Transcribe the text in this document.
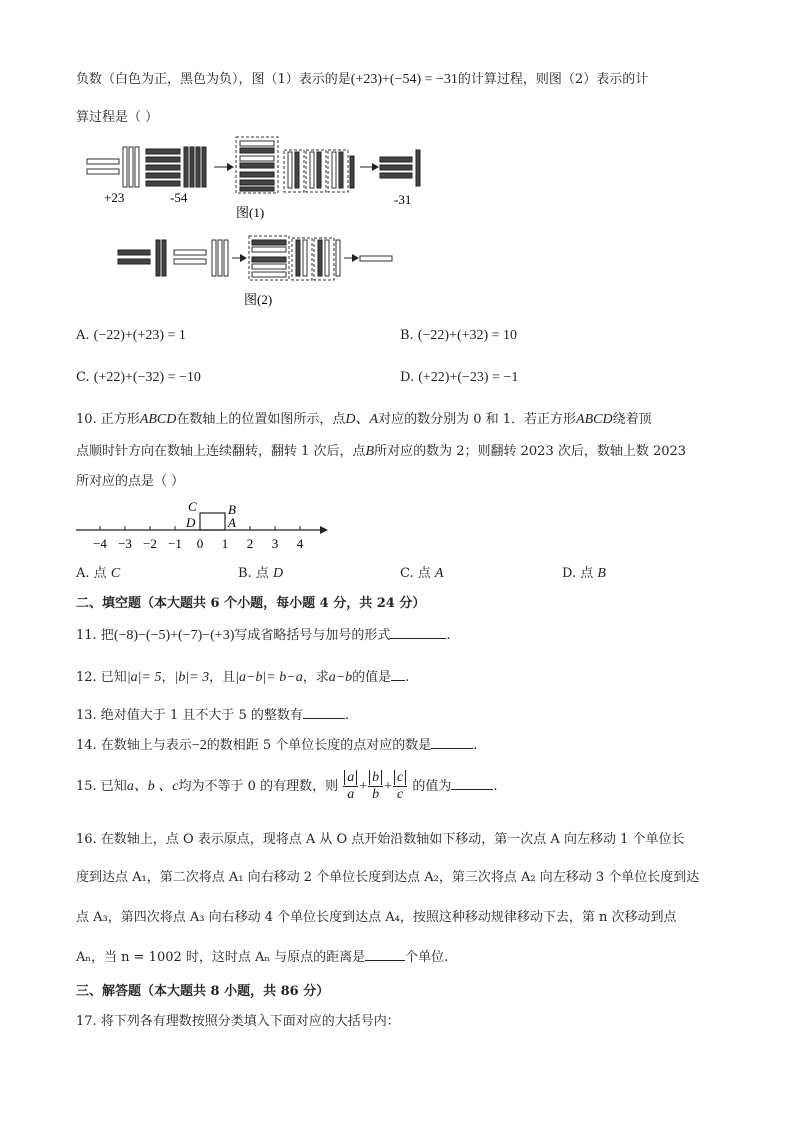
负数（白色为正，黑色为负），图（1）表示的是(+23)+(−54) = −31的计算过程，则图（2）表示的计
算过程是（ ）
+23	-54	-31
图(1)
图(2)
A. (−22)+(+23) = 1	B. (−22)+(+32) = 10
C. (+22)+(−32) = −10	D. (+22)+(−23) = −1
10. 正方形ABCD在数轴上的位置如图所示，点D、A对应的数分别为 0 和 1．若正方形ABCD绕着顶
点顺时针方向在数轴上连续翻转，翻转 1 次后，点B所对应的数为 2；则翻转 2023 次后，数轴上数 2023
所对应的点是（ ）
−4 −3 −2 −1 0 1 2 3 4
C B
D	A
A. 点 C	B. 点 D	C. 点 A	D. 点 B
二、填空题（本大题共 6 个小题，每小题 4 分，共 24 分）
11. 把(−8)−(−5)+(−7)−(+3)写成省略括号与加号的形式	.
12. 已知|a|= 5，|b|= 3，且|a−b|= b−a，求a−b的值是 .
13. 绝对值大于 1 且不大于 5 的整数有	.
14. 在数轴上与表示−2的数相距 5 个单位长度的点对应的数是	.
15. 已知a、b 、c均为不等于 0 的有理数，则 $\frac{a}{a} + \frac{b}{b} + \frac{c}{c}$ 的值为	.
16. 在数轴上，点 O 表示原点，现将点 A 从 O 点开始沿数轴如下移动，第一次点 A 向左移动 1 个单位长
度到达点 A₁，第二次将点 A₁ 向右移动 2 个单位长度到达点 A₂，第三次将点 A₂ 向左移动 3 个单位长度到达
点 A₃，第四次将点 A₃ 向右移动 4 个单位长度到达点 A₄，按照这种移动规律移动下去，第 n 次移动到点
Aₙ，当 n = 1002 时，这时点 Aₙ 与原点的距离是	个单位.
三、解答题（本大题共 8 小题，共 86 分）
17. 将下列各有理数按照分类填入下面对应的大括号内：
